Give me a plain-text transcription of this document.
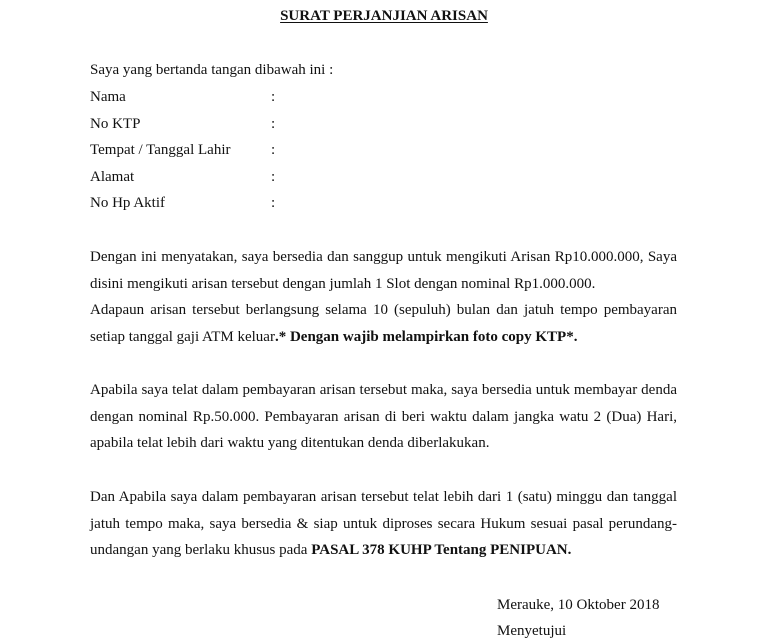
SURAT PERJANJIAN ARISAN
Saya yang bertanda tangan dibawah ini :
Nama	:
No KTP	:
Tempat / Tanggal Lahir	:
Alamat	:
No Hp Aktif	:
Dengan ini menyatakan, saya bersedia dan sanggup untuk mengikuti Arisan Rp10.000.000, Saya
disini mengikuti arisan tersebut dengan jumlah 1 Slot dengan nominal Rp1.000.000.
Adapaun arisan tersebut berlangsung selama 10 (sepuluh) bulan dan jatuh tempo pembayaran
setiap tanggal gaji ATM keluar.* Dengan wajib melampirkan foto copy KTP*.
Apabila saya telat dalam pembayaran arisan tersebut maka, saya bersedia untuk membayar denda
dengan nominal Rp.50.000. Pembayaran arisan di beri waktu dalam jangka watu 2 (Dua) Hari,
apabila telat lebih dari waktu yang ditentukan denda diberlakukan.
Dan Apabila saya dalam pembayaran arisan tersebut telat lebih dari 1 (satu) minggu dan tanggal
jatuh tempo maka, saya bersedia & siap untuk diproses secara Hukum sesuai pasal perundang-
undangan yang berlaku khusus pada PASAL 378 KUHP Tentang PENIPUAN.
Merauke, 10 Oktober 2018
Menyetujui
